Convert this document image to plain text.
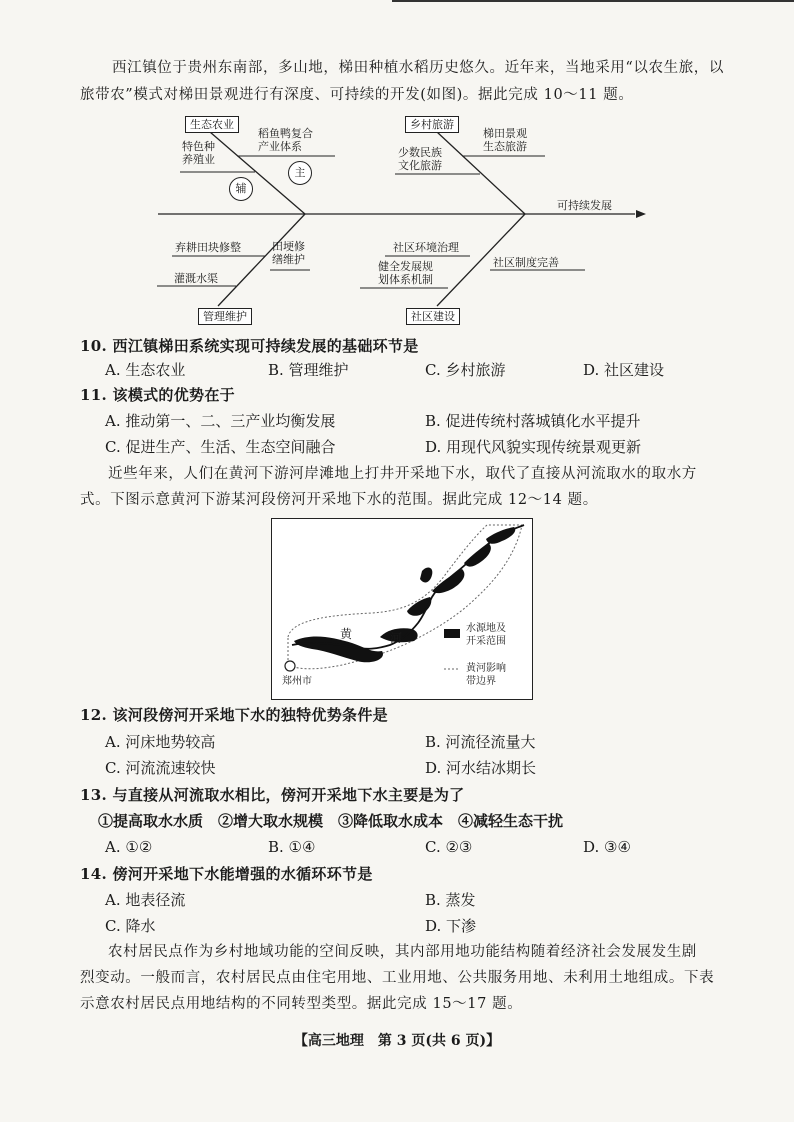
西江镇位于贵州东南部，多山地，梯田种植水稻历史悠久。近年来，当地采用“以农生旅，以
旅带农”模式对梯田景观进行有深度、可持续的开发(如图)。据此完成 10～11 题。
生态农业
稻鱼鸭复合
产业体系
特色种
养殖业
辅
主
乡村旅游
梯田景观
生态旅游
少数民族
文化旅游
可持续发展
弃耕田块修整	田埂修
缮维护
灌溉水渠
管理维护
社区环境治理
健全发展规
划体系机制
社区制度完善
社区建设
10. 西江镇梯田系统实现可持续发展的基础环节是
A. 生态农业	B. 管理维护	C. 乡村旅游	D. 社区建设
11. 该模式的优势在于
A. 推动第一、二、三产业均衡发展	B. 促进传统村落城镇化水平提升
C. 促进生产、生活、生态空间融合	D. 用现代风貌实现传统景观更新
近些年来，人们在黄河下游河岸滩地上打井开采地下水，取代了直接从河流取水的取水方
式。下图示意黄河下游某河段傍河开采地下水的范围。据此完成 12～14 题。
黄	河
郑州市
水源地及
开采范围
黄河影响
带边界
12. 该河段傍河开采地下水的独特优势条件是
A. 河床地势较高	B. 河流径流量大
C. 河流流速较快	D. 河水结冰期长
13. 与直接从河流取水相比，傍河开采地下水主要是为了
①提高取水水质　②增大取水规模　③降低取水成本　④减轻生态干扰
A. ①②	B. ①④	C. ②③	D. ③④
14. 傍河开采地下水能增强的水循环环节是
A. 地表径流	B. 蒸发
C. 降水	D. 下渗
农村居民点作为乡村地域功能的空间反映，其内部用地功能结构随着经济社会发展发生剧
烈变动。一般而言，农村居民点由住宅用地、工业用地、公共服务用地、未利用土地组成。下表
示意农村居民点用地结构的不同转型类型。据此完成 15～17 题。
【高三地理　第 3 页(共 6 页)】
